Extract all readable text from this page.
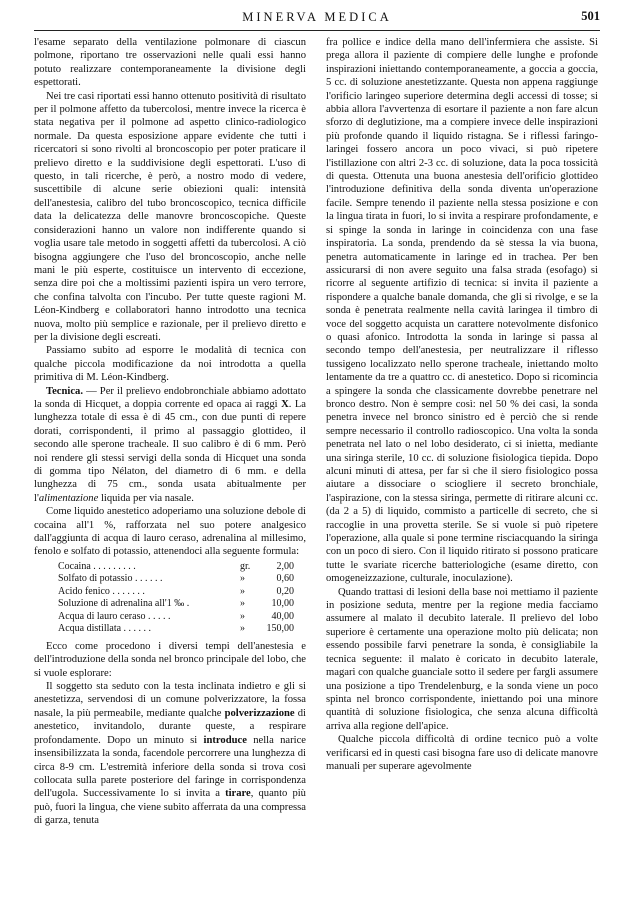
MINERVA MEDICA	501

l'esame separato della ventilazione polmonare di ciascun polmone, riportano tre osservazioni nelle quali essi hanno potuto realizzare contemporaneamente la divisione degli espettorati.

Nei tre casi riportati essi hanno ottenuto positività di risultato per il polmone affetto da tubercolosi, mentre invece la ricerca è stata negativa per il polmone ad aspetto clinico-radiologico normale. Da questa esposizione appare evidente che tutti i ricercatori si sono rivolti al broncoscopio per poter praticare il prelievo diretto e la suddivisione degli espettorati. L'uso di questo, in tali ricerche, è però, a nostro modo di vedere, suscettibile di alcune serie obiezioni quali: intensità dell'anestesia, calibro del tubo broncoscopico, tecnica difficile data la delicatezza delle manovre broncoscopiche. Queste considerazioni hanno un valore non indifferente quando si voglia usare tale metodo in soggetti affetti da tubercolosi. A ciò bisogna aggiungere che l'uso del broncoscopio, anche nelle mani le più esperte, costituisce un intervento di eccezione, senza dire poi che a moltissimi pazienti ispira un vero terrore, che confina talvolta con l'incubo. Per tutte queste ragioni M. Léon-Kindberg e collaboratori hanno introdotto una tecnica nuova, molto più semplice e razionale, per il prelievo diretto e per la divisione degli escreati.

Passiamo subito ad esporre le modalità di tecnica con qualche piccola modificazione da noi introdotta a quella primitiva di M. Léon-Kindberg.

Tecnica. — Per il prelievo endobronchiale abbiamo adottato la sonda di Hicquet, a doppia corrente ed opaca ai raggi X. La lunghezza totale di essa è di 45 cm., con due punti di repere dorati, corrispondenti, il primo al passaggio glottideo, il secondo alle sperone tracheale. Il suo calibro è di 6 mm. Però noi rendere gli stessi servigi della sonda di Hicquet una sonda di gomma tipo Nélaton, del diametro di 6 mm. e della lunghezza di 75 cm., sonda usata abitualmente per l'alimentazione liquida per via nasale.

Come liquido anestetico adoperiamo una soluzione debole di cocaina all'1 %, rafforzata nel suo potere analgesico dall'aggiunta di acqua di lauro ceraso, adrenalina al millesimo, fenolo e solfato di potassio, attenendoci alla seguente formula:

Cocaina . . . . . . . . .	gr.	2,00
Solfato di potassio . . . . . .	»	0,60
Acido fenico . . . . . . .	»	0,20
Soluzione di adrenalina all'1 ‰ .	»	10,00
Acqua di lauro ceraso . . . . .	»	40,00
Acqua distillata . . . . . .	»	150,00

Ecco come procedono i diversi tempi dell'anestesia e dell'introduzione della sonda nel bronco principale del lobo, che si vuole esplorare:

Il soggetto sta seduto con la testa inclinata indietro e gli si anestetizza, servendosi di un comune polverizzatore, la fossa nasale, la più permeabile, mediante qualche polverizzazione di anestetico, invitandolo, durante queste, a respirare profondamente. Dopo un minuto si introduce nella narice insensibilizzata la sonda, facendole percorrere una lunghezza di circa 8-9 cm. L'estremità inferiore della sonda si trova così collocata sulla parete posteriore del faringe in corrispondenza dell'ugola. Successivamente lo si invita a tirare, quanto più può, fuori la lingua, che viene subito afferrata da una compressa di garza, tenuta

fra pollice e indice della mano dell'infermiera che assiste. Si prega allora il paziente di compiere delle lunghe e profonde inspirazioni iniettando contemporaneamente, a goccia a goccia, 5 cc. di soluzione anestetizzante. Questa non appena raggiunge l'orificio laringeo superiore determina degli accessi di tosse; si abbia allora l'avvertenza di esortare il paziente a non fare alcun sforzo di deglutizione, ma a compiere invece delle inspirazioni più profonde quando il liquido ristagna. Se i riflessi faringo-laringei fossero ancora un poco vivaci, si può ripetere l'istillazione con altri 2-3 cc. di soluzione, data la poca tossicità di questa. Ottenuta una buona anestesia dell'orificio glottideo l'introduzione definitiva della sonda diventa un'operazione facile. Sempre tenendo il paziente nella stessa posizione e con la lingua tirata in fuori, lo si invita a respirare profondamente, e si spinge la sonda in laringe in coincidenza con una fase inspiratoria. La sonda, prendendo da sè stessa la via buona, penetra automaticamente in laringe ed in trachea. Per ben assicurarsi di non avere seguito una falsa strada (esofago) si ricorre al seguente artifizio di tecnica: si invita il paziente a rispondere a qualche banale domanda, che gli si rivolge, e se la sonda è penetrata realmente nella cavità laringea il timbro di voce del soggetto acquista un carattere notevolmente disfonico o quasi afonico. Introdotta la sonda in laringe si passa al secondo tempo dell'anestesia, per neutralizzare il riflesso tussigeno localizzato nello sperone tracheale, iniettando molto lentamente da tre a quattro cc. di anestetico. Dopo si ricomincia a spingere la sonda che classicamente dovrebbe penetrare nel bronco destro. Non è sempre così: nel 50 % dei casi, la sonda penetra invece nel bronco sinistro ed è perciò che si rende sempre necessario il controllo radioscopico. Una volta la sonda penetrata nel lato o nel lobo desiderato, ci si inietta, mediante una siringa sterile, 10 cc. di soluzione fisiologica tiepida. Dopo alcuni minuti di attesa, per far sì che il siero fisiologico possa aiutare a dissociare o sciogliere il secreto bronchiale, l'aspirazione, con la stessa siringa, permette di ritirare alcuni cc. (da 2 a 5) di liquido, commisto a particelle di secreto, che si raccoglie in una provetta sterile. Se si vuole si può ripetere l'operazione, alla quale si pone termine risciacquando la siringa con un poco di siero. Con il liquido ritirato si possono praticare tutte le svariate ricerche batteriologiche (esame diretto, con omogeneizzazione, culturale, inoculazione).

Quando trattasi di lesioni della base noi mettiamo il paziente in posizione seduta, mentre per la regione media facciamo assumere al malato il decubito laterale. Il prelievo del lobo superiore è certamente una operazione molto più delicata; non essendo possibile farvi penetrare la sonda, è consigliabile la tecnica seguente: il malato è coricato in decubito laterale, magari con qualche guanciale sotto il sedere per fargli assumere una posizione a tipo Trendelenburg, e la sonda viene un poco spinta nel bronco corrispondente, iniettando poi una minore quantità di soluzione fisiologica, che senza alcuna difficoltà arriva alla regione dell'apice.

Qualche piccola difficoltà di ordine tecnico può a volte verificarsi ed in questi casi bisogna fare uso di delicate manovre manuali per superare agevolmente
